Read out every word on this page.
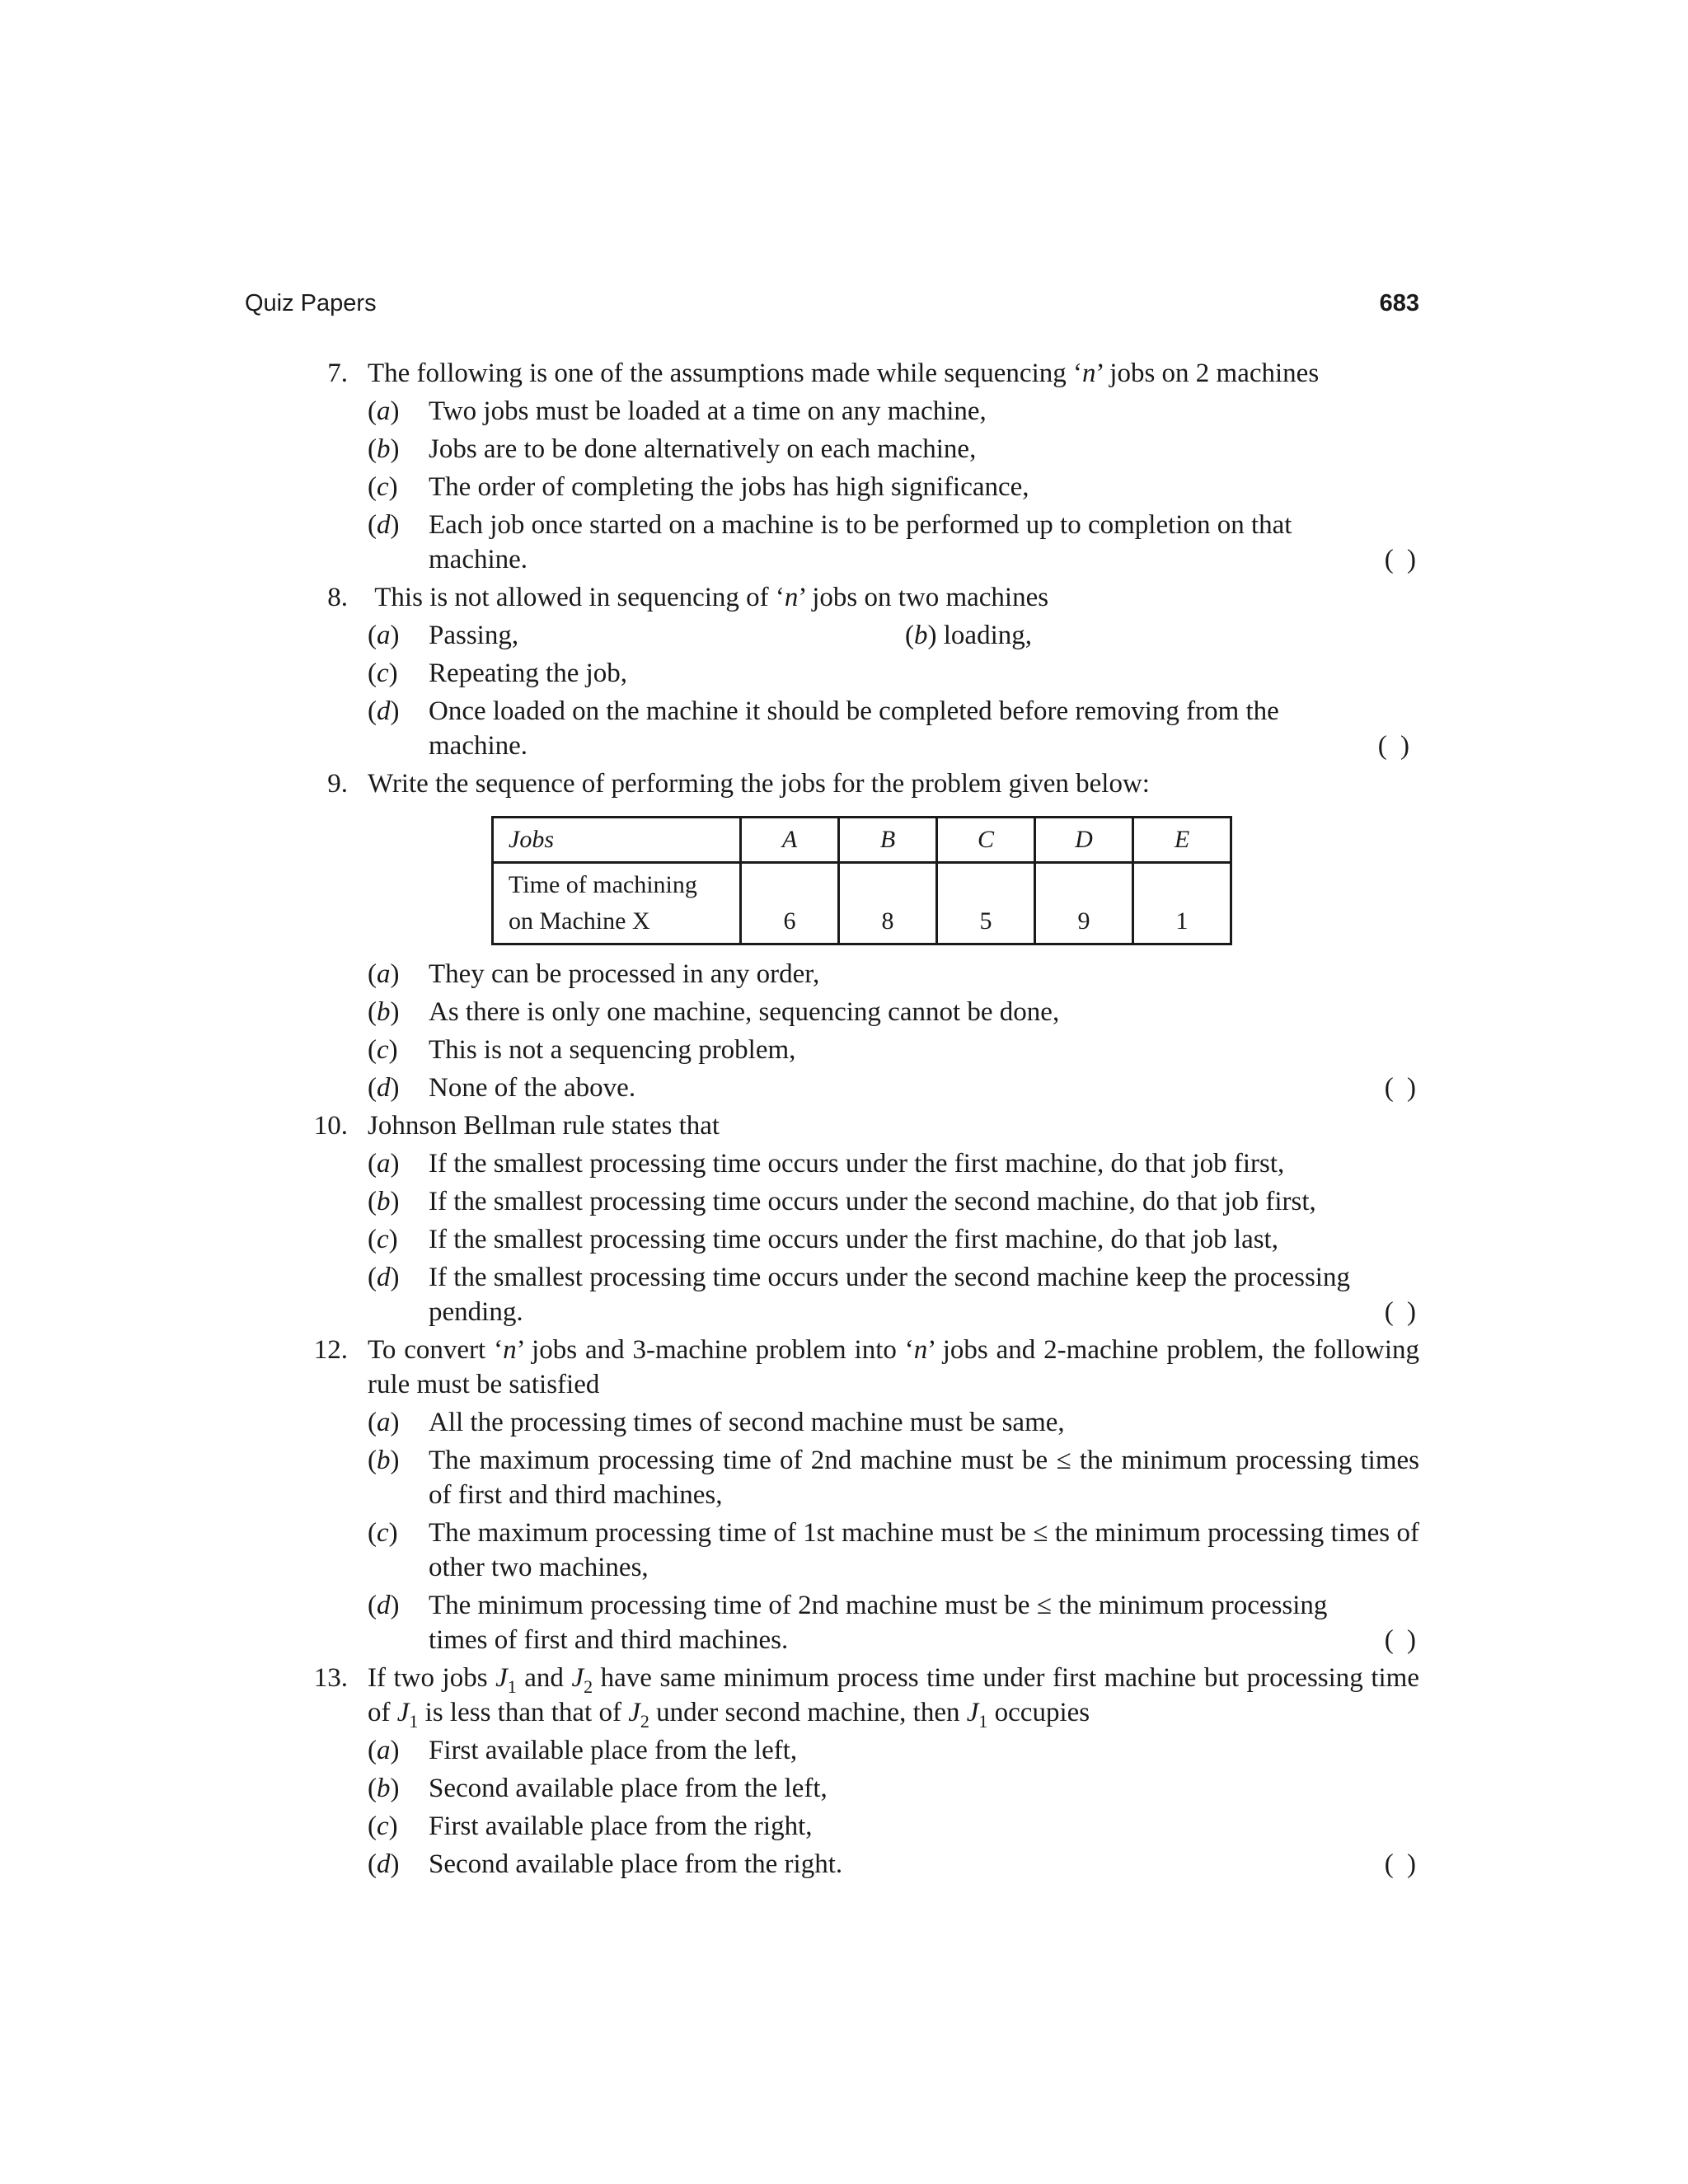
Quiz Papers	683
7. The following is one of the assumptions made while sequencing ‘n’ jobs on 2 machines
(a)	Two jobs must be loaded at a time on any machine,
(b)	Jobs are to be done alternatively on each machine,
(c)	The order of completing the jobs has high significance,
(d)	Each job once started on a machine is to be performed up to completion on that
machine.	( )
8. This is not allowed in sequencing of ‘n’ jobs on two machines
(a) Passing,	(b) loading,
(c)	Repeating the job,
(d)	Once loaded on the machine it should be completed before removing from the
machine.	( )
9. Write the sequence of performing the jobs for the problem given below:
Jobs	A	B	C	D	E
Time of machining
on Machine X	6	8	5	9	1
(a)	They can be processed in any order,
(b)	As there is only one machine, sequencing cannot be done,
(c)	This is not a sequencing problem,
(d)	None of the above.	( )
10. Johnson Bellman rule states that
(a)	If the smallest processing time occurs under the first machine, do that job first,
(b)	If the smallest processing time occurs under the second machine, do that job first,
(c)	If the smallest processing time occurs under the first machine, do that job last,
(d)	If the smallest processing time occurs under the second machine keep the processing
pending.	( )
12. To convert ‘n’ jobs and 3-machine problem into ‘n’ jobs and 2-machine problem, the following rule must be satisfied
(a)	All the processing times of second machine must be same,
(b)	The maximum processing time of 2nd machine must be ≤ the minimum processing times of first and third machines,
(c)	The maximum processing time of 1st machine must be ≤ the minimum processing times of other two machines,
(d)	The minimum processing time of 2nd machine must be ≤ the minimum processing
times of first and third machines.	( )
13. If two jobs $J_1$ and $J_2$ have same minimum process time under first machine but processing time of $J_1$ is less than that of $J_2$ under second machine, then $J_1$ occupies
(a)	First available place from the left,
(b)	Second available place from the left,
(c)	First available place from the right,
(d)	Second available place from the right.	( )
